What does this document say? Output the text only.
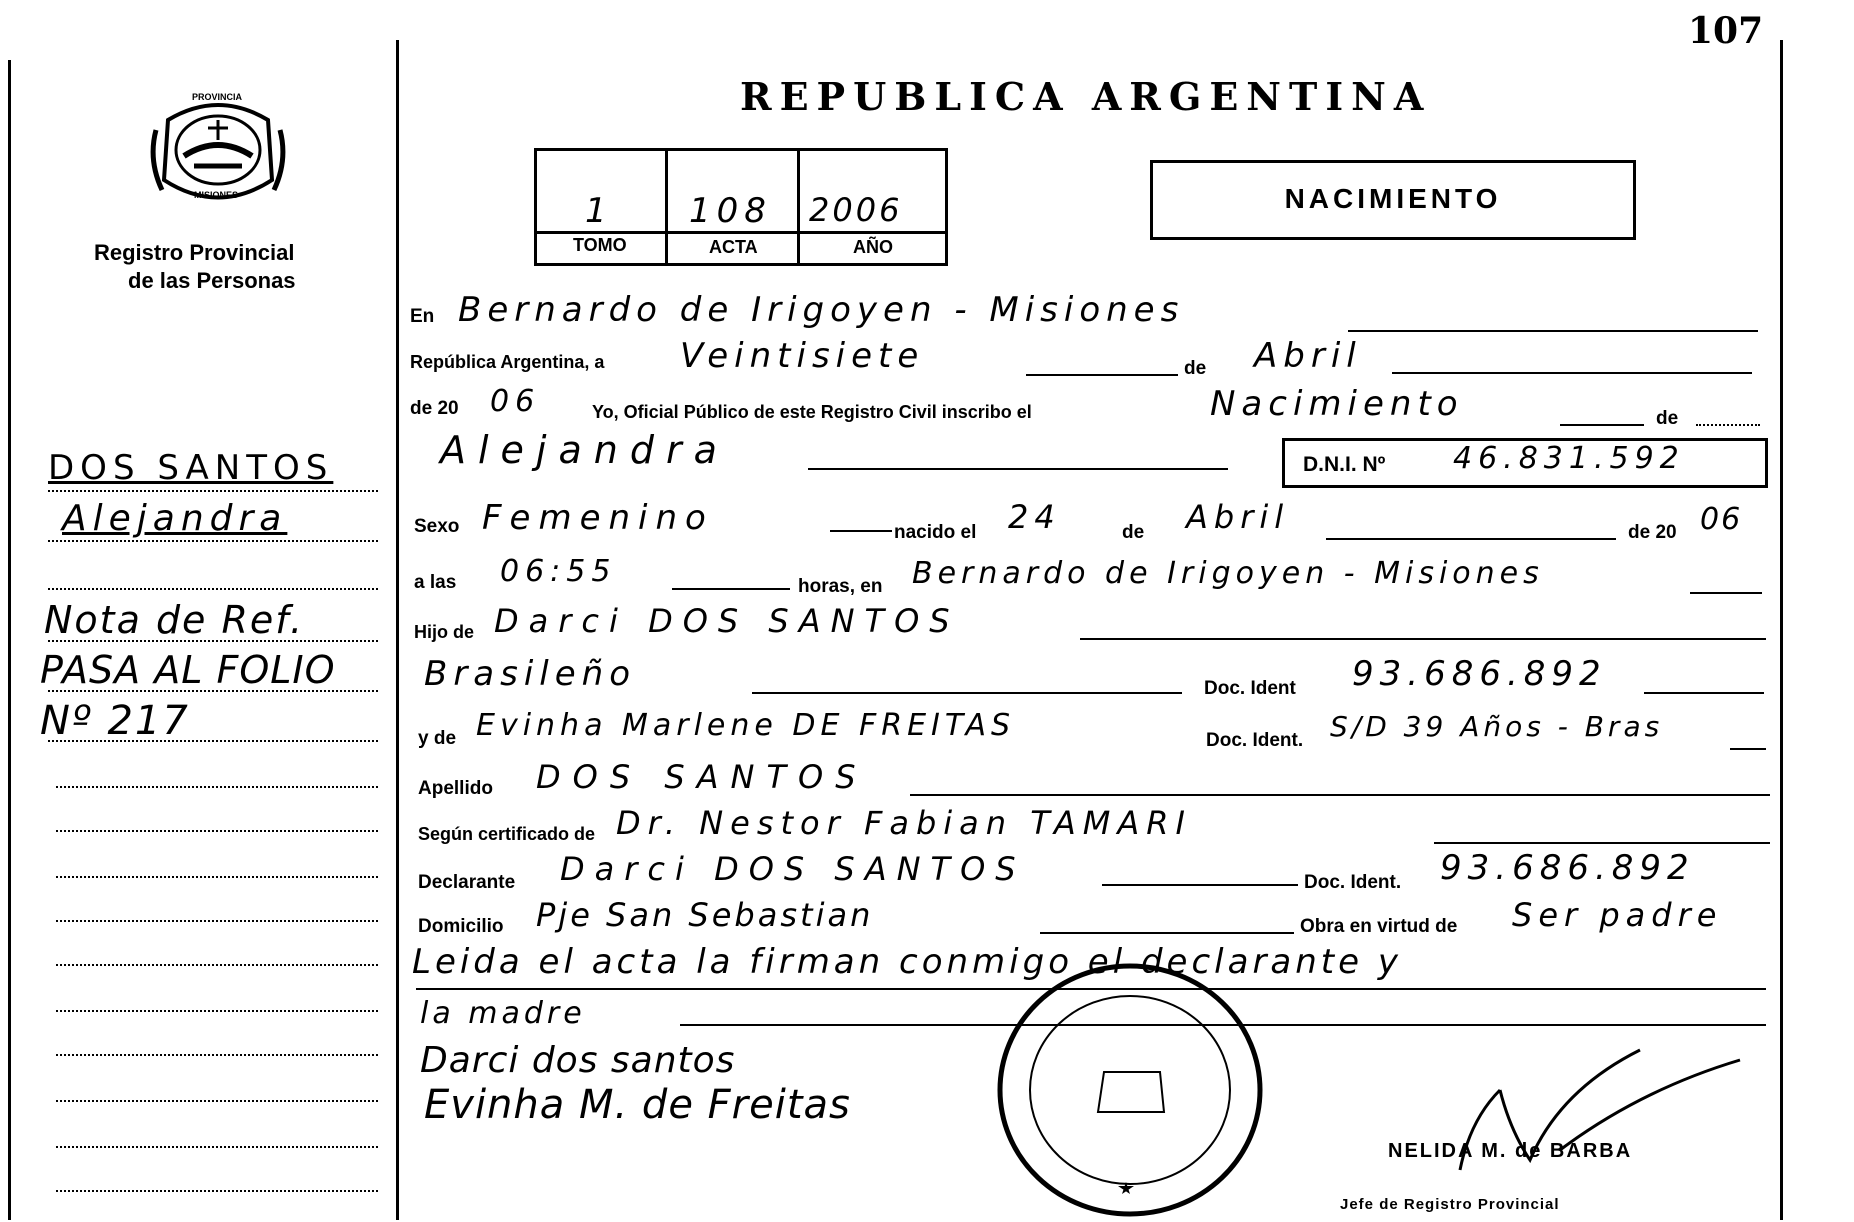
107
PROVINCIA
MISIONES
Registro Provincial
de las Personas
DOS SANTOS
Alejandra
Nota de Ref.
PASA AL FOLIO
Nº 217
REPUBLICA ARGENTINA
1 108 2006
TOMO	ACTA	AÑO
NACIMIENTO
En Bernardo de Irigoyen - Misiones
República Argentina, a Veintisiete	de Abril
de 20 06	Yo, Oficial Público de este Registro Civil inscribo el	Nacimiento	de
Alejandra	D.N.I. Nº 46.831.592
Sexo Femenino	nacido el 24	de Abril	de 20 06
a las 06:55	horas, en Bernardo de Irigoyen - Misiones
Hijo de Darci DOS SANTOS
Brasileño	Doc. Ident 93.686.892
y de Evinha Marlene DE FREITAS	Doc. Ident. S/D 39 Años - Bras
Apellido DOS SANTOS
Según certificado de Dr. Nestor Fabian TAMARI
Declarante Darci DOS SANTOS	Doc. Ident. 93.686.892
Domicilio Pje San Sebastian	Obra en virtud de Ser padre
Leida el acta la firman conmigo el declarante y
la madre
Darci dos santos
Evinha M. de Freitas
NELIDA M. de BARBA
Jefe de Registro Provincial
